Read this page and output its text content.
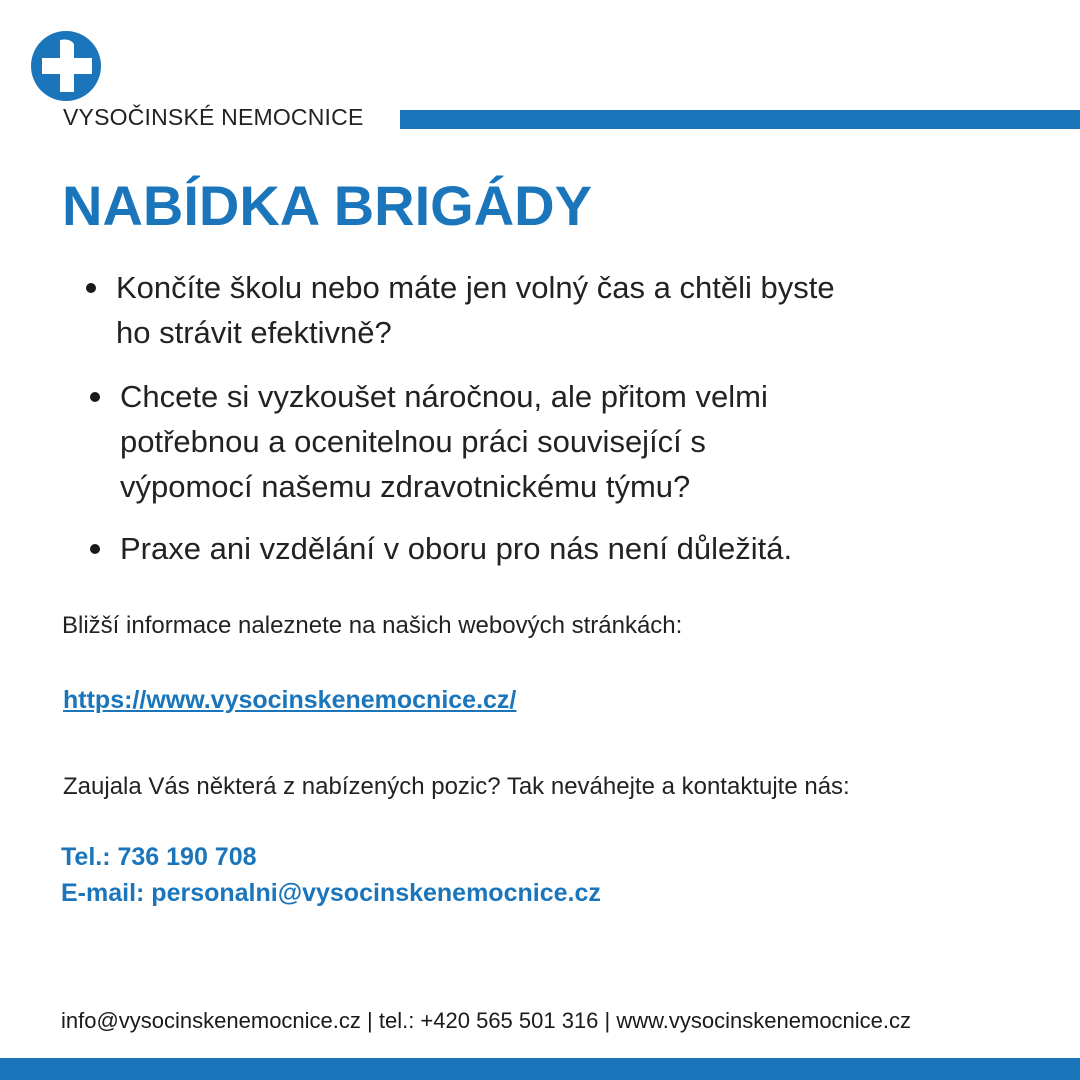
VYSOČINSKÉ NEMOCNICE
NABÍDKA BRIGÁDY
Končíte školu nebo máte jen volný čas a chtěli byste
ho strávit efektivně?
Chcete si vyzkoušet náročnou, ale přitom velmi
potřebnou a ocenitelnou práci související s
výpomocí našemu zdravotnickému týmu?
Praxe ani vzdělání v oboru pro nás není důležitá.
Bližší informace naleznete na našich webových stránkách:
https://www.vysocinskenemocnice.cz/
Zaujala Vás některá z nabízených pozic? Tak neváhejte a kontaktujte nás:
Tel.: 736 190 708
E-mail: personalni@vysocinskenemocnice.cz
info@vysocinskenemocnice.cz | tel.: +420 565 501 316 | www.vysocinskenemocnice.cz
